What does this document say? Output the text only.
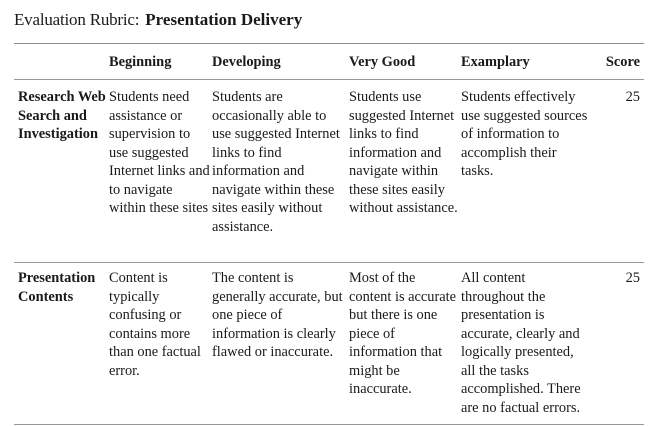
Evaluation Rubric: Presentation Delivery
	Beginning	Developing	Very Good	Examplary	Score
Research Web Search and Investigation	Students need assistance or supervision to use suggested Internet links and to navigate within these sites	Students are occasionally able to use suggested Internet links to find information and navigate within these sites easily without assistance.	Students use suggested Internet links to find information and navigate within these sites easily without assistance.	Students effectively use suggested sources of information to accomplish their tasks.	25
Presentation Contents	Content is typically confusing or contains more than one factual error.	The content is generally accurate, but one piece of information is clearly flawed or inaccurate.	Most of the content is accurate but there is one piece of information that might be inaccurate.	All content throughout the presentation is accurate, clearly and logically presented, all the tasks accomplished. There are no factual errors.	25
